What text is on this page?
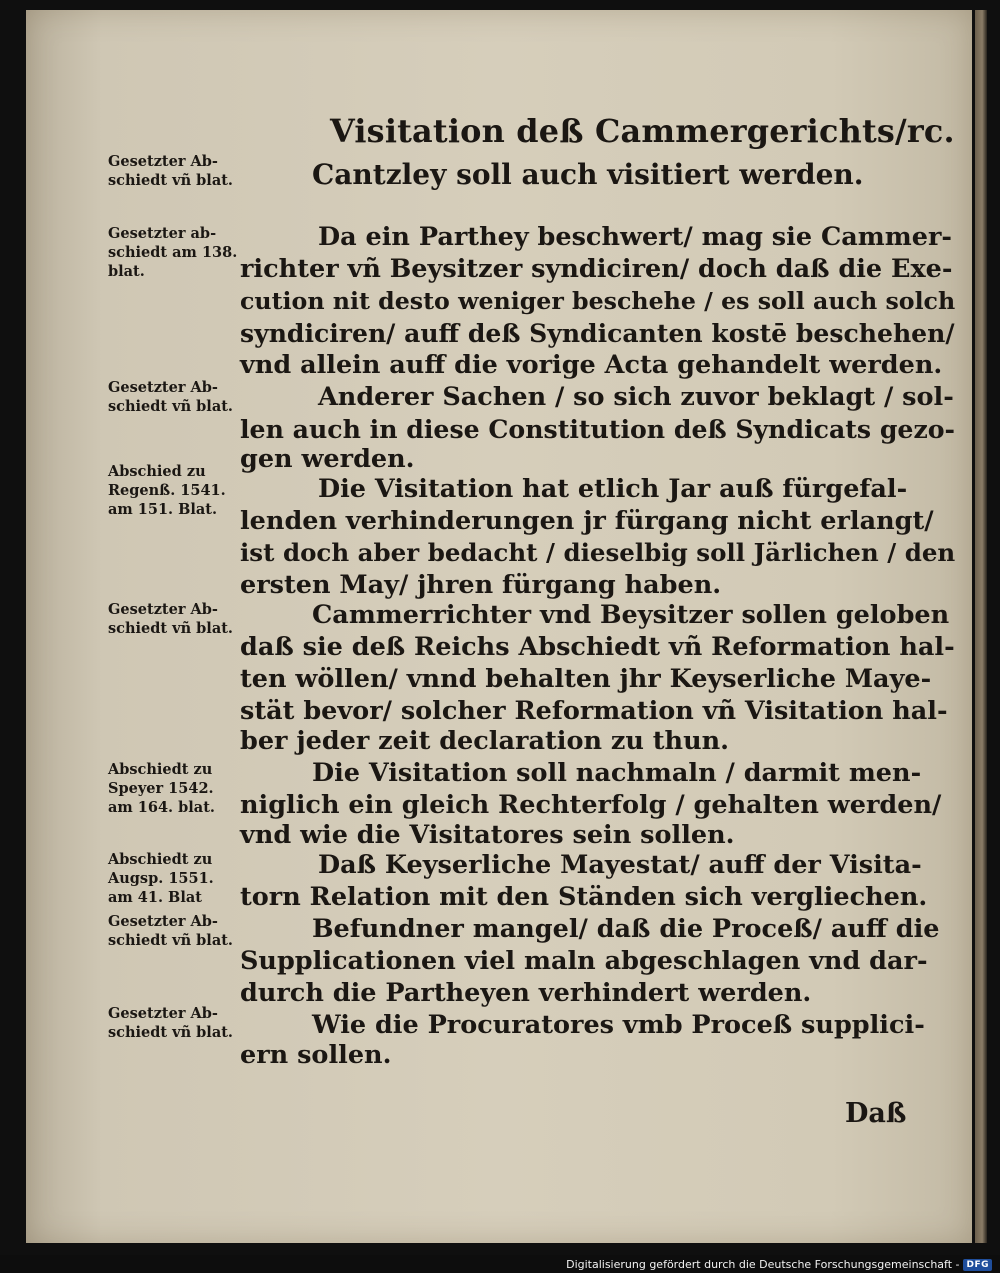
Visitation deß Cammergerichts/rc.
Gesetzter Ab-
schiedt vñ blat.
Gesetzter ab-
schiedt am 138.
blat.
Gesetzter Ab-
schiedt vñ blat.
Abschied zu
Regenß. 1541.
am 151. Blat.
Gesetzter Ab-
schiedt vñ blat.
Abschiedt zu
Speyer 1542.
am 164. blat.
Abschiedt zu
Augsp. 1551.
am 41. Blat
Gesetzter Ab-
schiedt vñ blat.
Gesetzter Ab-
schiedt vñ blat.
Cantzley soll auch visitiert werden.
Da ein Parthey beschwert/ mag sie Cammer-
richter vñ Beysitzer syndiciren/ doch daß die Exe-
cution nit desto weniger beschehe / es soll auch solch
syndiciren/ auff deß Syndicanten kostē beschehen/
vnd allein auff die vorige Acta gehandelt werden.
Anderer Sachen / so sich zuvor beklagt / sol-
len auch in diese Constitution deß Syndicats gezo-
gen werden.
Die Visitation hat etlich Jar auß fürgefal-
lenden verhinderungen jr fürgang nicht erlangt/
ist doch aber bedacht / dieselbig soll Järlichen / den
ersten May/ jhren fürgang haben.
Cammerrichter vnd Beysitzer sollen geloben
daß sie deß Reichs Abschiedt vñ Reformation hal-
ten wöllen/ vnnd behalten jhr Keyserliche Maye-
stät bevor/ solcher Reformation vñ Visitation hal-
ber jeder zeit declaration zu thun.
Die Visitation soll nachmaln / darmit men-
niglich ein gleich Rechterfolg / gehalten werden/
vnd wie die Visitatores sein sollen.
Daß Keyserliche Mayestat/ auff der Visita-
torn Relation mit den Ständen sich vergliechen.
Befundner mangel/ daß die Proceß/ auff die
Supplicationen viel maln abgeschlagen vnd dar-
durch die Partheyen verhindert werden.
Wie die Procuratores vmb Proceß supplici-
ern sollen.
Daß
Digitalisierung gefördert durch die Deutsche Forschungsgemeinschaft - DFG
